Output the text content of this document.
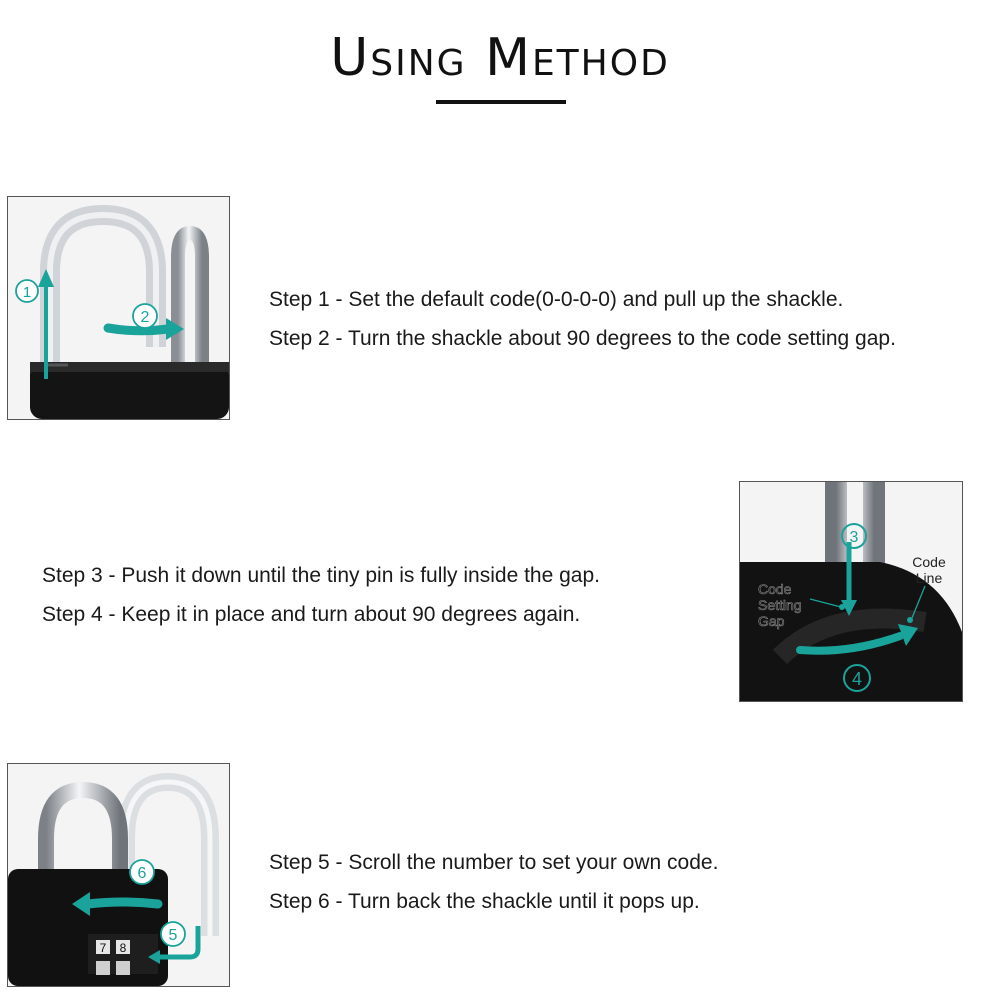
Using Method
1
2
Step 1 - Set the default code(0-0-0-0) and pull up the shackle.
Step 2 - Turn the shackle about 90 degrees to the code setting gap.
Step 3 - Push it down until the tiny pin is fully inside the gap.
Step 4 - Keep it in place and turn about 90 degrees again.
3
4
Code
Setting
Gap
Code
Line
7 8
6
5
Step 5 - Scroll the number to set your own code.
Step 6 - Turn back the shackle until it pops up.
